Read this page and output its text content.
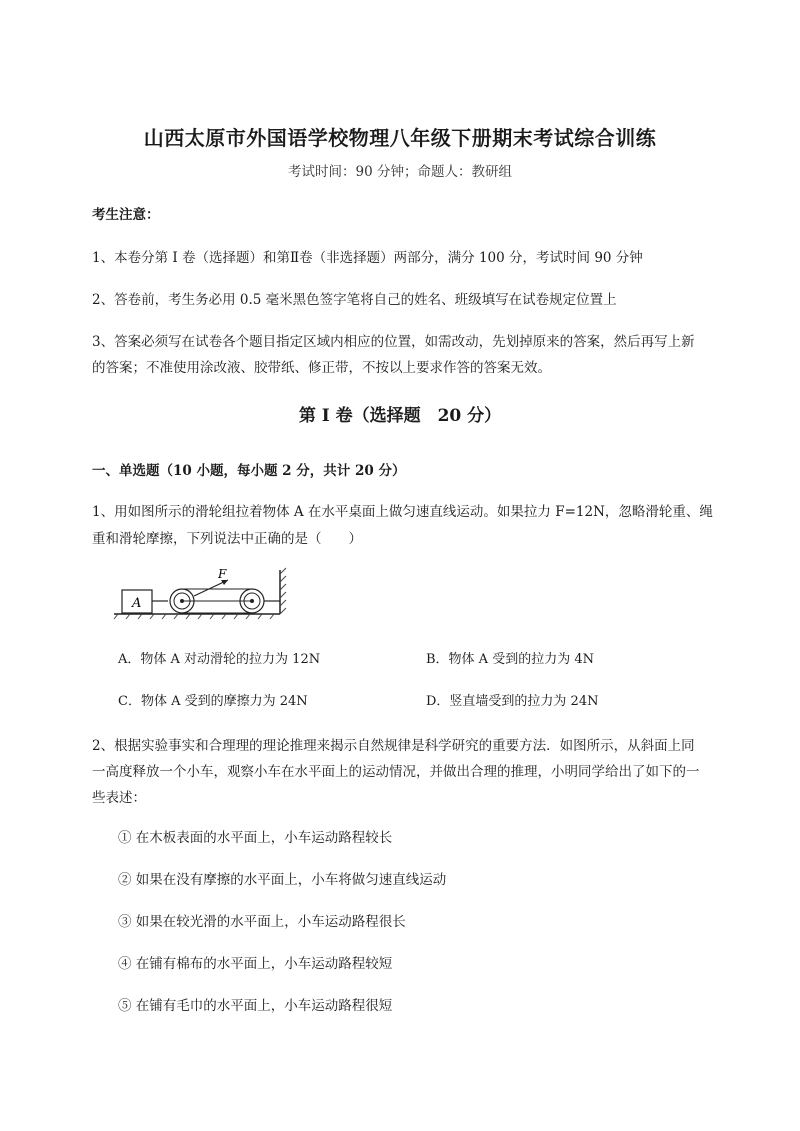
山西太原市外国语学校物理八年级下册期末考试综合训练
考试时间：90 分钟；命题人：教研组
考生注意：
1、本卷分第 I 卷（选择题）和第Ⅱ卷（非选择题）两部分，满分 100 分，考试时间 90 分钟
2、答卷前，考生务必用 0.5 毫米黑色签字笔将自己的姓名、班级填写在试卷规定位置上
3、答案必须写在试卷各个题目指定区域内相应的位置，如需改动，先划掉原来的答案，然后再写上新
的答案；不准使用涂改液、胶带纸、修正带，不按以上要求作答的答案无效。
第 I 卷（选择题　20 分）
一、单选题（10 小题，每小题 2 分，共计 20 分）
1、用如图所示的滑轮组拉着物体 A 在水平桌面上做匀速直线运动。如果拉力 F=12N，忽略滑轮重、绳
重和滑轮摩擦，下列说法中正确的是（　　）
A
F
A．物体 A 对动滑轮的拉力为 12N	B．物体 A 受到的拉力为 4N
C．物体 A 受到的摩擦力为 24N	D．竖直墙受到的拉力为 24N
2、根据实验事实和合理理的理论推理来揭示自然规律是科学研究的重要方法．如图所示，从斜面上同
一高度释放一个小车，观察小车在水平面上的运动情况，并做出合理的推理，小明同学给出了如下的一
些表述：
① 在木板表面的水平面上，小车运动路程较长
② 如果在没有摩擦的水平面上，小车将做匀速直线运动
③ 如果在较光滑的水平面上，小车运动路程很长
④ 在铺有棉布的水平面上，小车运动路程较短
⑤ 在铺有毛巾的水平面上，小车运动路程很短
